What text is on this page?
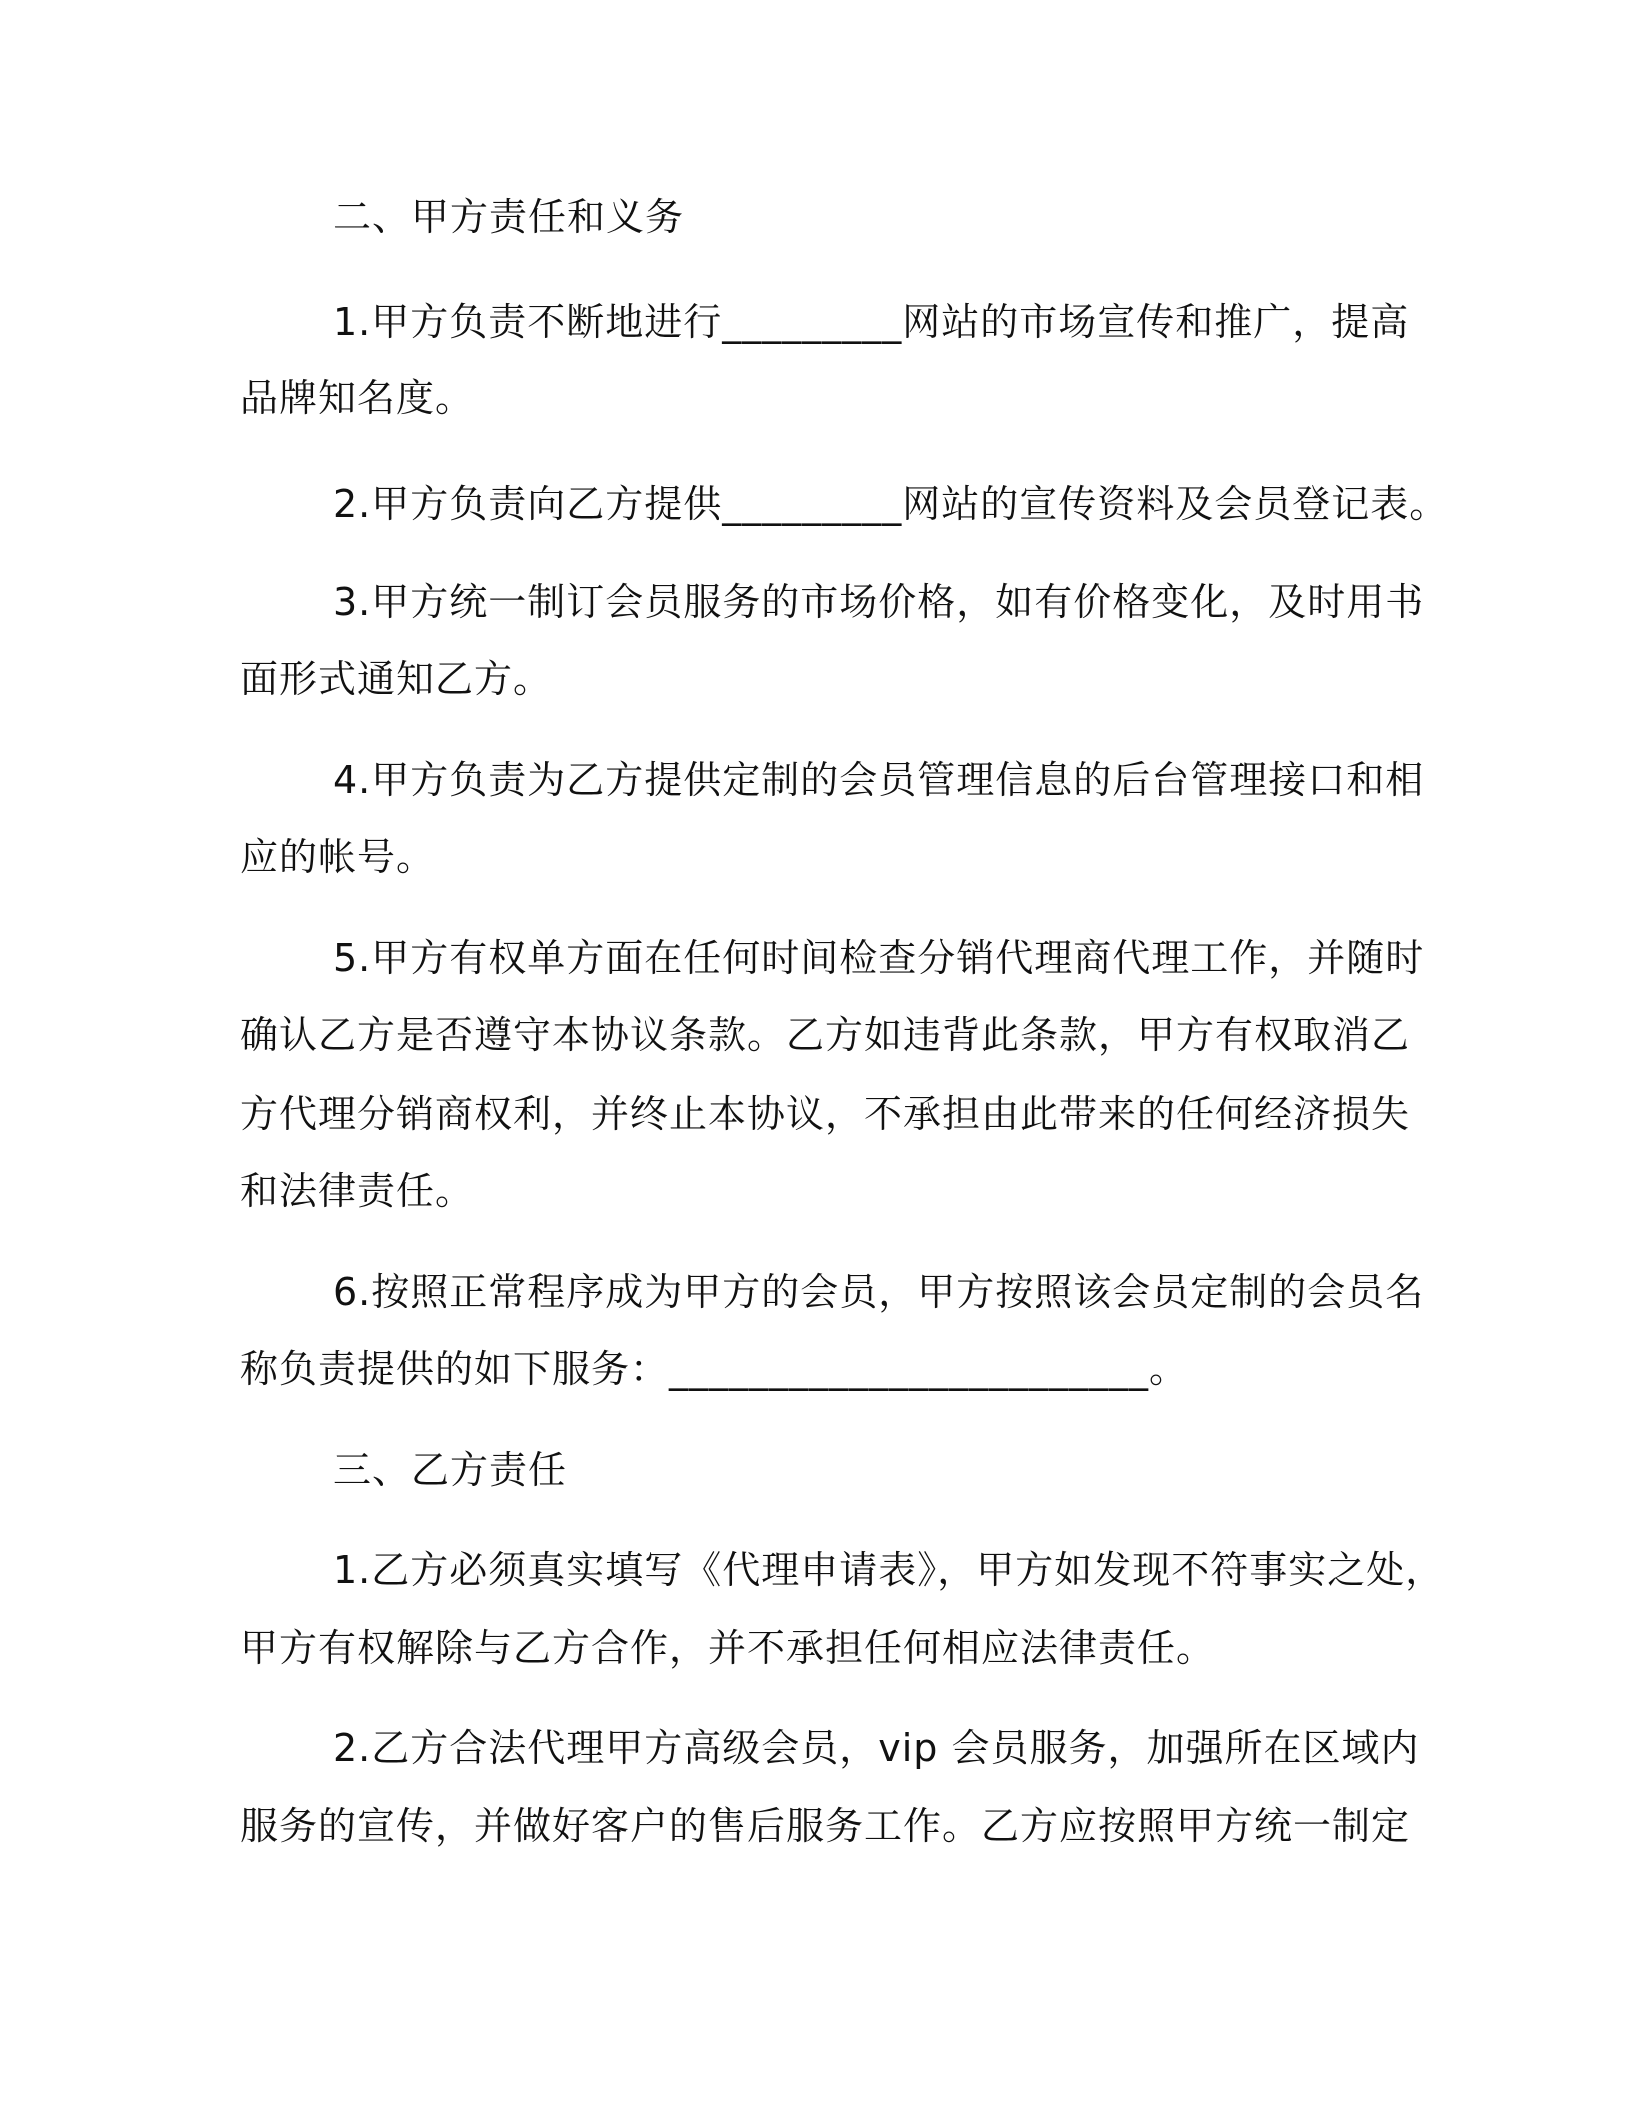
二、甲方责任和义务
1.甲方负责不断地进行_________网站的市场宣传和推广，提高
品牌知名度。
2.甲方负责向乙方提供_________网站的宣传资料及会员登记表。
3.甲方统一制订会员服务的市场价格，如有价格变化，及时用书
面形式通知乙方。
4.甲方负责为乙方提供定制的会员管理信息的后台管理接口和相
应的帐号。
5.甲方有权单方面在任何时间检查分销代理商代理工作，并随时
确认乙方是否遵守本协议条款。乙方如违背此条款，甲方有权取消乙
方代理分销商权利，并终止本协议，不承担由此带来的任何经济损失
和法律责任。
6.按照正常程序成为甲方的会员，甲方按照该会员定制的会员名
称负责提供的如下服务：________________________。
三、乙方责任
1.乙方必须真实填写《代理申请表》，甲方如发现不符事实之处，
甲方有权解除与乙方合作，并不承担任何相应法律责任。
2.乙方合法代理甲方高级会员，vip 会员服务，加强所在区域内
服务的宣传，并做好客户的售后服务工作。乙方应按照甲方统一制定
